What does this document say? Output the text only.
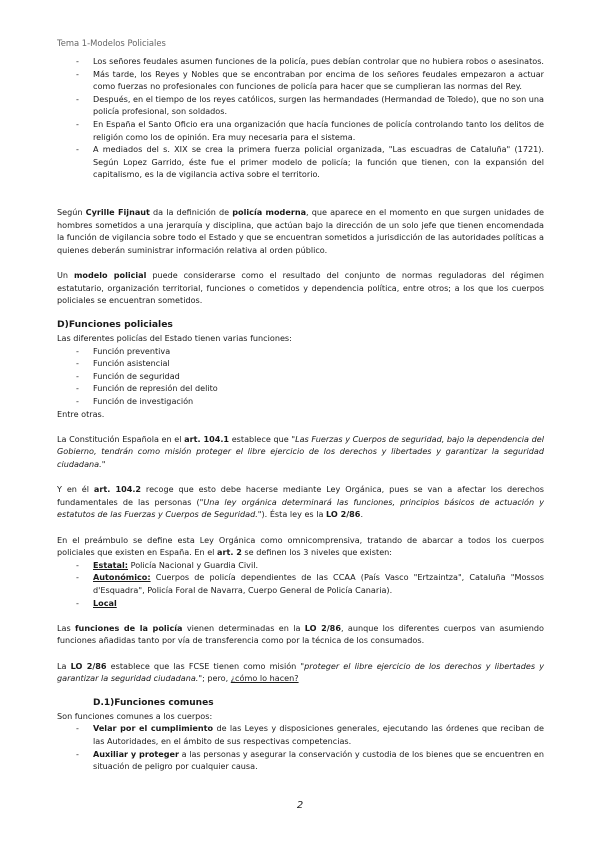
Tema 1-Modelos Policiales
- Los señores feudales asumen funciones de la policía, pues debían controlar que no hubiera robos o asesinatos.
- Más tarde, los Reyes y Nobles que se encontraban por encima de los señores feudales empezaron a actuar como fuerzas no profesionales con funciones de policía para hacer que se cumplieran las normas del Rey.
- Después, en el tiempo de los reyes católicos, surgen las hermandades (Hermandad de Toledo), que no son una policía profesional, son soldados.
- En España el Santo Oficio era una organización que hacía funciones de policía controlando tanto los delitos de religión como los de opinión. Era muy necesaria para el sistema.
- A mediados del s. XIX se crea la primera fuerza policial organizada, "Las escuadras de Cataluña" (1721). Según Lopez Garrido, éste fue el primer modelo de policía; la función que tienen, con la expansión del capitalismo, es la de vigilancia activa sobre el territorio.

Según Cyrille Fijnaut da la definición de policía moderna, que aparece en el momento en que surgen unidades de hombres sometidos a una jerarquía y disciplina, que actúan bajo la dirección de un solo jefe que tienen encomendada la función de vigilancia sobre todo el Estado y que se encuentran sometidos a jurisdicción de las autoridades políticas a quienes deberán suministrar información relativa al orden público.

Un modelo policial puede considerarse como el resultado del conjunto de normas reguladoras del régimen estatutario, organización territorial, funciones o cometidos y dependencia política, entre otros; a los que los cuerpos policiales se encuentran sometidos.

D)Funciones policiales

Las diferentes policías del Estado tienen varias funciones:

- Función preventiva
- Función asistencial
- Función de seguridad
- Función de represión del delito
- Función de investigación

Entre otras.

La Constitución Española en el art. 104.1 establece que "Las Fuerzas y Cuerpos de seguridad, bajo la dependencia del Gobierno, tendrán como misión proteger el libre ejercicio de los derechos y libertades y garantizar la seguridad ciudadana."

Y en él art. 104.2 recoge que esto debe hacerse mediante Ley Orgánica, pues se van a afectar los derechos fundamentales de las personas ("Una ley orgánica determinará las funciones, principios básicos de actuación y estatutos de las Fuerzas y Cuerpos de Seguridad."). Ésta ley es la LO 2/86.

En el preámbulo se define esta Ley Orgánica como omnicomprensiva, tratando de abarcar a todos los cuerpos policiales que existen en España. En el art. 2 se definen los 3 niveles que existen:

- Estatal: Policía Nacional y Guardia Civil.
- Autonómico: Cuerpos de policía dependientes de las CCAA (País Vasco "Ertzaintza", Cataluña "Mossos d'Esquadra", Policía Foral de Navarra, Cuerpo General de Policía Canaria).
- Local

Las funciones de la policía vienen determinadas en la LO 2/86, aunque los diferentes cuerpos van asumiendo funciones añadidas tanto por vía de transferencia como por la técnica de los consumados.

La LO 2/86 establece que las FCSE tienen como misión "proteger el libre ejercicio de los derechos y libertades y garantizar la seguridad ciudadana."; pero, ¿cómo lo hacen?

D.1)Funciones comunes

Son funciones comunes a los cuerpos:

- Velar por el cumplimiento de las Leyes y disposiciones generales, ejecutando las órdenes que reciban de las Autoridades, en el ámbito de sus respectivas competencias.
- Auxiliar y proteger a las personas y asegurar la conservación y custodia de los bienes que se encuentren en situación de peligro por cualquier causa.
2
